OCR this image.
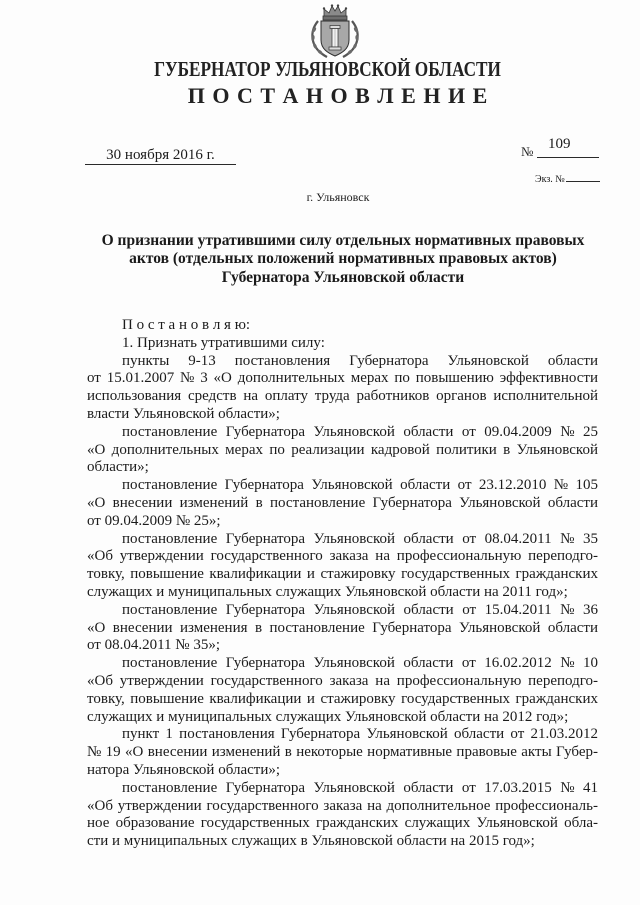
ГУБЕРНАТОР УЛЬЯНОВСКОЙ ОБЛАСТИ
П О С Т А Н О В Л Е Н И Е
30 ноября 2016 г.	№ 109
Экз. №
г. Ульяновск
О признании утратившими силу отдельных нормативных правовых
актов (отдельных положений нормативных правовых актов)
Губернатора Ульяновской области
П о с т а н о в л я ю:
1. Признать утратившими силу:
пункты 9-13 постановления Губернатора Ульяновской области
от 15.01.2007 № 3 «О дополнительных мерах по повышению эффективности
использования средств на оплату труда работников органов исполнительной
власти Ульяновской области»;
постановление Губернатора Ульяновской области от 09.04.2009 № 25
«О дополнительных мерах по реализации кадровой политики в Ульяновской
области»;
постановление Губернатора Ульяновской области от 23.12.2010 № 105
«О внесении изменений в постановление Губернатора Ульяновской области
от 09.04.2009 № 25»;
постановление Губернатора Ульяновской области от 08.04.2011 № 35
«Об утверждении государственного заказа на профессиональную переподго-
товку, повышение квалификации и стажировку государственных гражданских
служащих и муниципальных служащих Ульяновской области на 2011 год»;
постановление Губернатора Ульяновской области от 15.04.2011 № 36
«О внесении изменения в постановление Губернатора Ульяновской области
от 08.04.2011 № 35»;
постановление Губернатора Ульяновской области от 16.02.2012 № 10
«Об утверждении государственного заказа на профессиональную переподго-
товку, повышение квалификации и стажировку государственных гражданских
служащих и муниципальных служащих Ульяновской области на 2012 год»;
пункт 1 постановления Губернатора Ульяновской области от 21.03.2012
№ 19 «О внесении изменений в некоторые нормативные правовые акты Губер-
натора Ульяновской области»;
постановление Губернатора Ульяновской области от 17.03.2015 № 41
«Об утверждении государственного заказа на дополнительное профессиональ-
ное образование государственных гражданских служащих Ульяновской обла-
сти и муниципальных служащих в Ульяновской области на 2015 год»;
